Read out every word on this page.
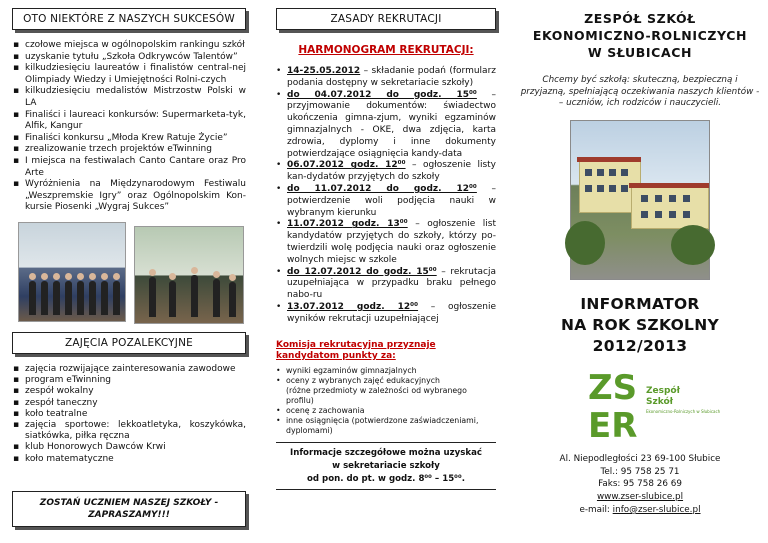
OTO NIEKTÓRE Z NASZYCH SUKCESÓW
▪ czołowe miejsca w ogólnopolskim rankingu szkół
▪ uzyskanie tytułu „Szkoła Odkrywców Talentów”
▪ kilkudziesięciu laureatów i finalistów central-nej Olimpiady Wiedzy i Umiejętności Rolni-czych
▪ kilkudziesięciu medalistów Mistrzostw Polski w LA
▪ Finaliści i laureaci konkursów: Supermarketa-tyk, Alfik, Kangur
▪ Finaliści konkursu „Młoda Krew Ratuje Życie”
▪ zrealizowanie trzech projektów eTwinning
▪ I miejsca na festiwalach Canto Cantare oraz Pro Arte
▪ Wyróżnienia na Międzynarodowym Festiwalu „Weszpremskie Igry” oraz Ogólnopolskim Kon-kursie Piosenki „Wygraj Sukces”
ZAJĘCIA POZALEKCYJNE
▪ zajęcia rozwijające zainteresowania zawodowe
▪ program eTwinning
▪ zespół wokalny
▪ zespół taneczny
▪ koło teatralne
▪ zajęcia sportowe: lekkoatletyka, koszykówka, siatkówka, piłka ręczna
▪ klub Honorowych Dawców Krwi
▪ koło matematyczne
ZOSTAŃ UCZNIEM NASZEJ SZKOŁY -
ZAPRASZAMY!!!
ZASADY REKRUTACJI
HARMONOGRAM REKRUTACJI:
• 14-25.05.2012 – składanie podań (formularz podania dostępny w sekretariacie szkoły)
• do 04.07.2012 do godz. 15⁰⁰ – przyjmowanie dokumentów: świadectwo ukończenia gimna-zjum, wyniki egzaminów gimnazjalnych - OKE, dwa zdjęcia, karta zdrowia, dyplomy i inne dokumenty potwierdzające osiągnięcia kandy-data
• 06.07.2012 godz. 12⁰⁰ – ogłoszenie listy kan-dydatów przyjętych do szkoły
• do 11.07.2012 do godz. 12⁰⁰ – potwierdzenie woli podjęcia nauki w wybranym kierunku
• 11.07.2012 godz. 13⁰⁰ – ogłoszenie list kandydatów przyjętych do szkoły, którzy po-twierdzili wolę podjęcia nauki oraz ogłoszenie wolnych miejsc w szkole
• do 12.07.2012 do godz. 15⁰⁰ – rekrutacja uzupełniająca w przypadku braku pełnego nabo-ru
• 13.07.2012 godz. 12⁰⁰ – ogłoszenie wyników rekrutacji uzupełniającej
Komisja rekrutacyjna przyznaje kandydatom punkty za:
• wyniki egzaminów gimnazjalnych
• oceny z wybranych zajęć edukacyjnych
(różne przedmioty w zależności od wybranego profilu)
• ocenę z zachowania
• inne osiągnięcia (potwierdzone zaświadczeniami, dyplomami)
Informacje szczegółowe można uzyskać
w sekretariacie szkoły
od pon. do pt. w godz. 8⁰⁰ – 15⁰⁰.
ZESPÓŁ SZKÓŁ
EKONOMICZNO-ROLNICZYCH
W SŁUBICACH
Chcemy być szkołą: skuteczną, bezpieczną i przyjazną, spełniającą oczekiwania naszych klientów - – uczniów, ich rodziców i nauczycieli.
INFORMATOR
NA ROK SZKOLNY
2012/2013
ZS
ER
Zespół
Szkół
Ekonomiczno-Rolniczych w Słubicach
Al. Niepodległości 23 69-100 Słubice
Tel.: 95 758 25 71
Faks: 95 758 26 69
www.zser-slubice.pl
e-mail: info@zser-slubice.pl
